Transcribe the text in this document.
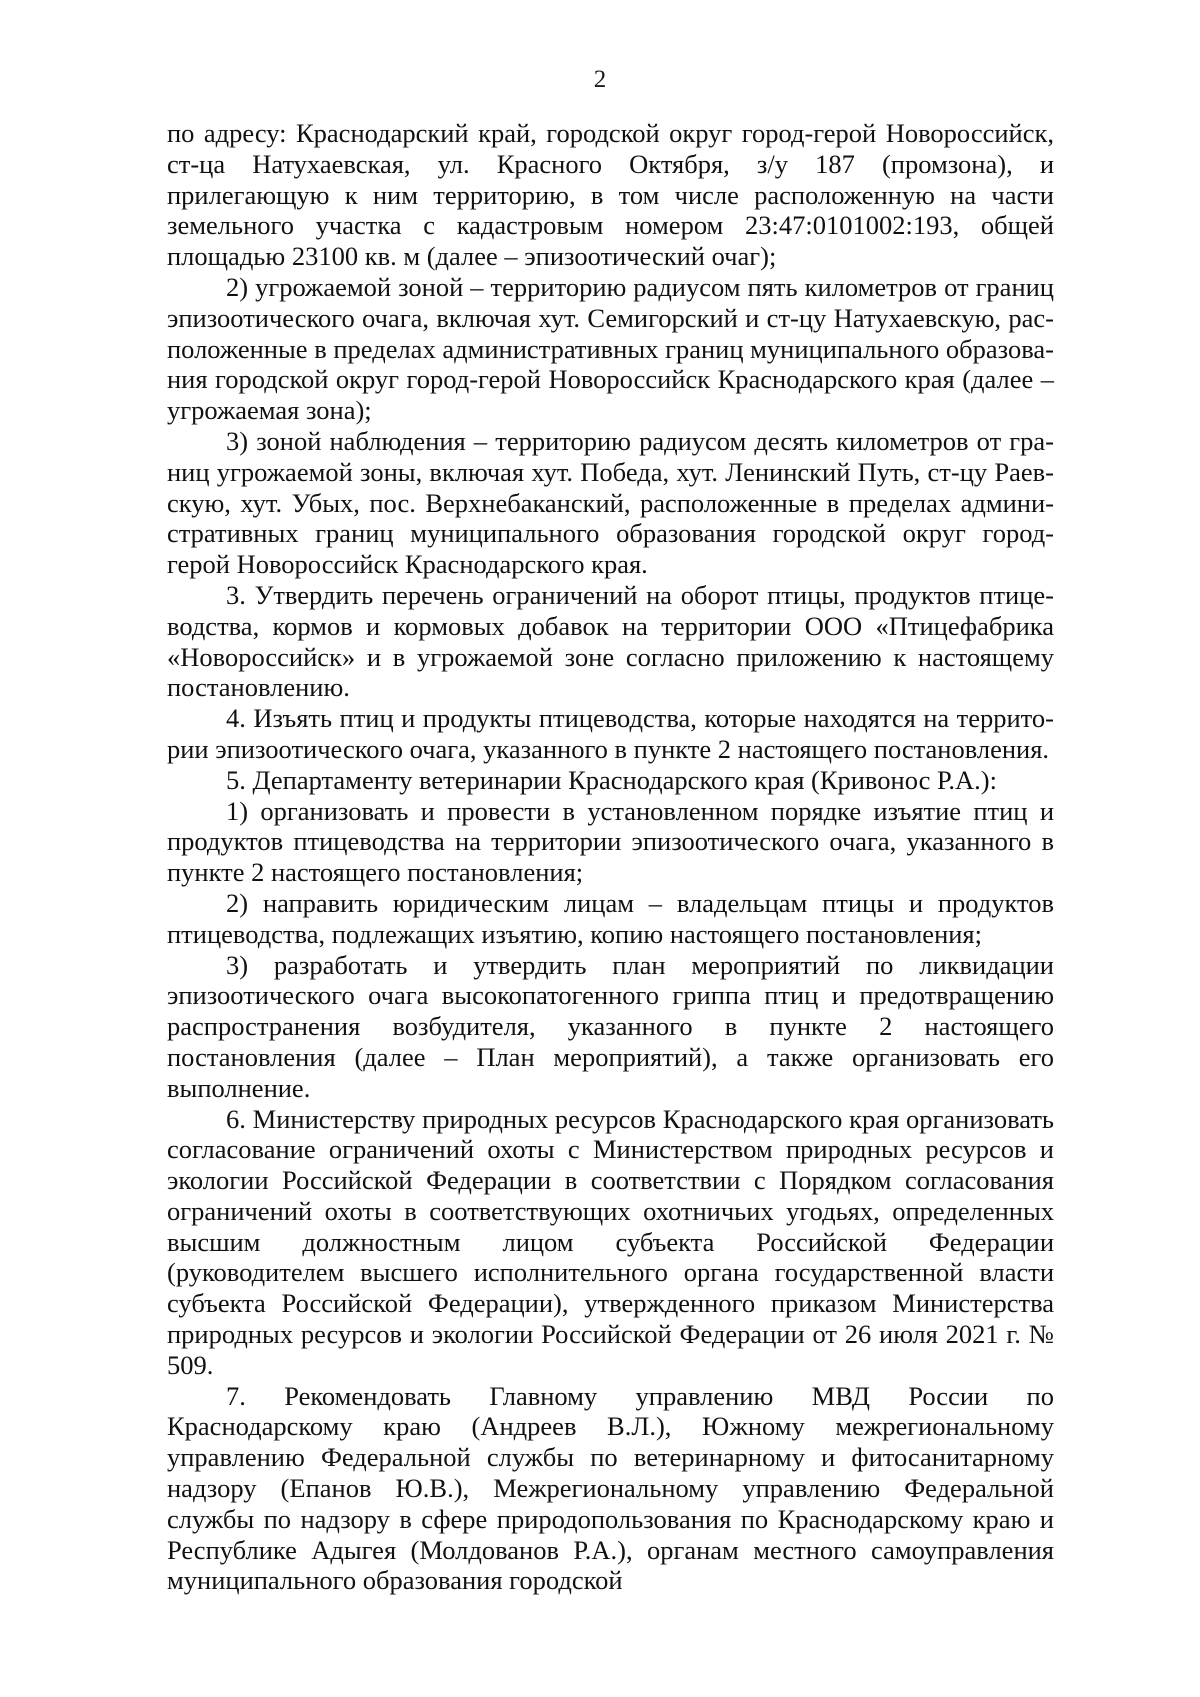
2

по адресу: Краснодарский край, городской округ город-герой Новороссийск, ст-ца Натухаевская, ул. Красного Октября, з/у 187 (промзона), и прилегающую к ним территорию, в том числе расположенную на части земельного участка с кадастровым номером 23:47:0101002:193, общей площадью 23100 кв. м (далее – эпизоотический очаг);

2) угрожаемой зоной – территорию радиусом пять километров от границ эпизоотического очага, включая хут. Семигорский и ст-цу Натухаевскую, расположенные в пределах административных границ муниципального образования городской округ город-герой Новороссийск Краснодарского края (далее – угрожаемая зона);

3) зоной наблюдения – территорию радиусом десять километров от границ угрожаемой зоны, включая хут. Победа, хут. Ленинский Путь, ст-цу Раевскую, хут. Убых, пос. Верхнебаканский, расположенные в пределах административных границ муниципального образования городской округ город-герой Новороссийск Краснодарского края.

3. Утвердить перечень ограничений на оборот птицы, продуктов птицеводства, кормов и кормовых добавок на территории ООО «Птицефабрика «Новороссийск» и в угрожаемой зоне согласно приложению к настоящему постановлению.

4. Изъять птиц и продукты птицеводства, которые находятся на территории эпизоотического очага, указанного в пункте 2 настоящего постановления.

5. Департаменту ветеринарии Краснодарского края (Кривонос Р.А.):

1) организовать и провести в установленном порядке изъятие птиц и продуктов птицеводства на территории эпизоотического очага, указанного в пункте 2 настоящего постановления;

2) направить юридическим лицам – владельцам птицы и продуктов птицеводства, подлежащих изъятию, копию настоящего постановления;

3) разработать и утвердить план мероприятий по ликвидации эпизоотического очага высокопатогенного гриппа птиц и предотвращению распространения возбудителя, указанного в пункте 2 настоящего постановления (далее – План мероприятий), а также организовать его выполнение.

6. Министерству природных ресурсов Краснодарского края организовать согласование ограничений охоты с Министерством природных ресурсов и экологии Российской Федерации в соответствии с Порядком согласования ограничений охоты в соответствующих охотничьих угодьях, определенных высшим должностным лицом субъекта Российской Федерации (руководителем высшего исполнительного органа государственной власти субъекта Российской Федерации), утвержденного приказом Министерства природных ресурсов и экологии Российской Федерации от 26 июля 2021 г. № 509.

7. Рекомендовать Главному управлению МВД России по Краснодарскому краю (Андреев В.Л.), Южному межрегиональному управлению Федеральной службы по ветеринарному и фитосанитарному надзору (Епанов Ю.В.), Межрегиональному управлению Федеральной службы по надзору в сфере природопользования по Краснодарскому краю и Республике Адыгея (Молдованов Р.А.), органам местного самоуправления муниципального образования городской
